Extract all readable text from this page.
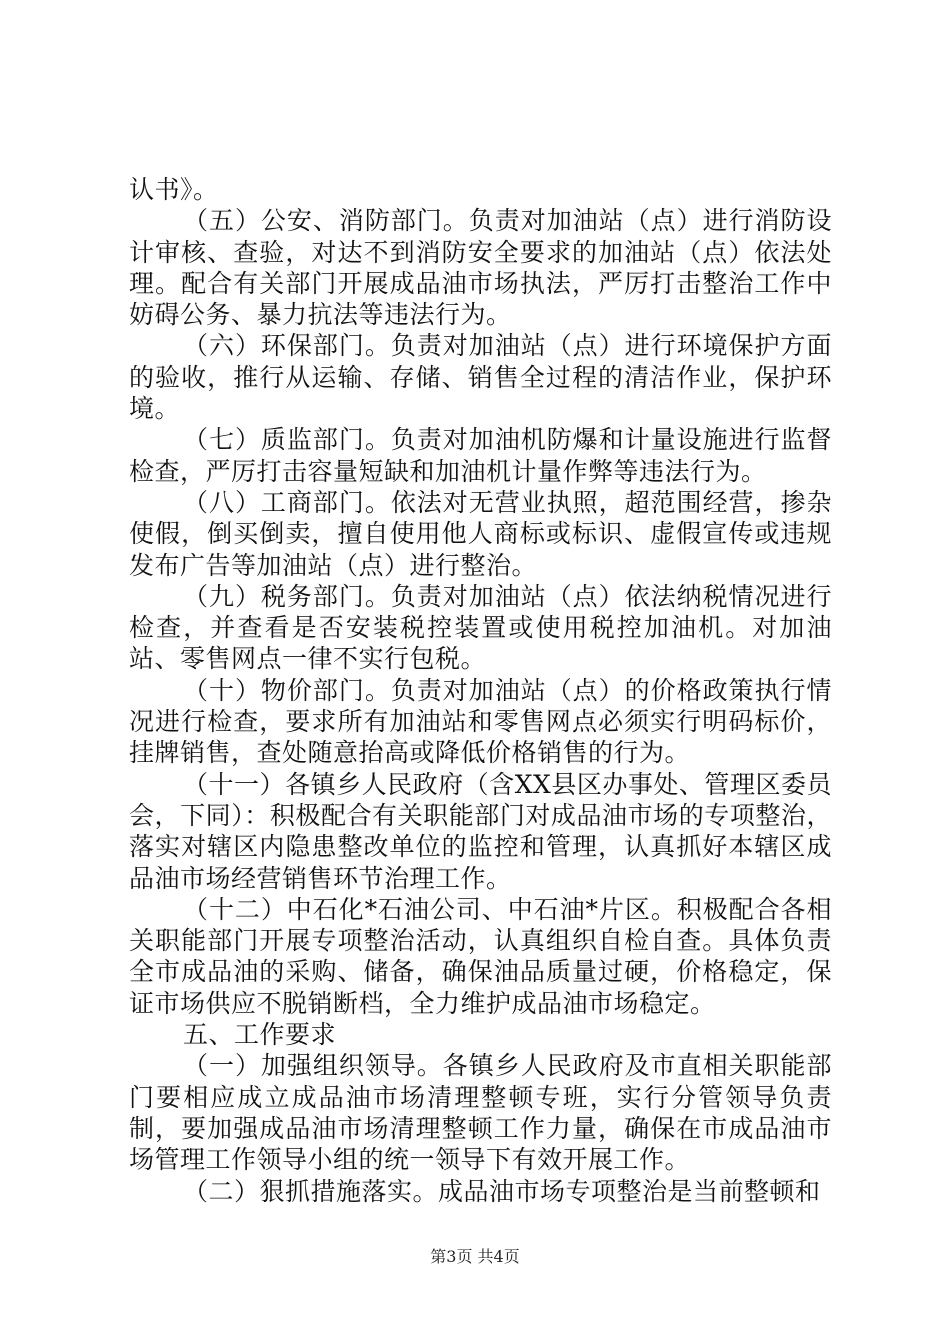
认书》。

（五）公安、消防部门。负责对加油站（点）进行消防设计审核、查验，对达不到消防安全要求的加油站（点）依法处理。配合有关部门开展成品油市场执法，严厉打击整治工作中妨碍公务、暴力抗法等违法行为。

（六）环保部门。负责对加油站（点）进行环境保护方面的验收，推行从运输、存储、销售全过程的清洁作业，保护环境。

（七）质监部门。负责对加油机防爆和计量设施进行监督检查，严厉打击容量短缺和加油机计量作弊等违法行为。

（八）工商部门。依法对无营业执照，超范围经营，掺杂使假，倒买倒卖，擅自使用他人商标或标识、虚假宣传或违规发布广告等加油站（点）进行整治。

（九）税务部门。负责对加油站（点）依法纳税情况进行检查，并查看是否安装税控装置或使用税控加油机。对加油站、零售网点一律不实行包税。

（十）物价部门。负责对加油站（点）的价格政策执行情况进行检查，要求所有加油站和零售网点必须实行明码标价，挂牌销售，查处随意抬高或降低价格销售的行为。

（十一）各镇乡人民政府（含XX县区办事处、管理区委员会，下同）：积极配合有关职能部门对成品油市场的专项整治，落实对辖区内隐患整改单位的监控和管理，认真抓好本辖区成品油市场经营销售环节治理工作。

（十二）中石化*石油公司、中石油*片区。积极配合各相关职能部门开展专项整治活动，认真组织自检自查。具体负责全市成品油的采购、储备，确保油品质量过硬，价格稳定，保证市场供应不脱销断档，全力维护成品油市场稳定。

五、工作要求

（一）加强组织领导。各镇乡人民政府及市直相关职能部门要相应成立成品油市场清理整顿专班，实行分管领导负责制，要加强成品油市场清理整顿工作力量，确保在市成品油市场管理工作领导小组的统一领导下有效开展工作。

（二）狠抓措施落实。成品油市场专项整治是当前整顿和

第3页 共4页
